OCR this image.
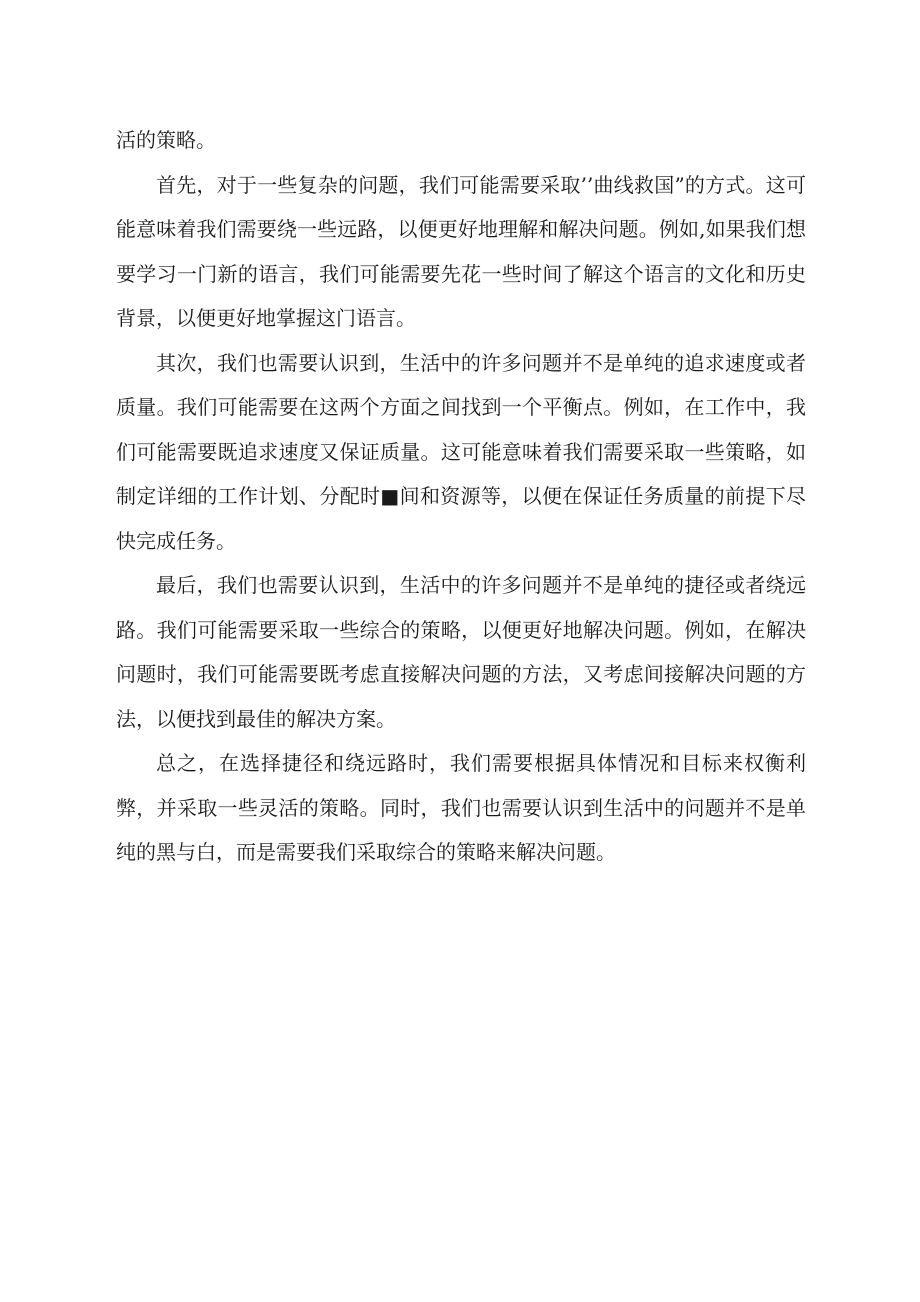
活的策略。

首先，对于一些复杂的问题，我们可能需要采取’’曲线救国”的方式。这可能意味着我们需要绕一些远路，以便更好地理解和解决问题。例如,如果我们想要学习一门新的语言，我们可能需要先花一些时间了解这个语言的文化和历史背景，以便更好地掌握这门语言。

其次，我们也需要认识到，生活中的许多问题并不是单纯的追求速度或者质量。我们可能需要在这两个方面之间找到一个平衡点。例如，在工作中，我们可能需要既追求速度又保证质量。这可能意味着我们需要采取一些策略，如制定详细的工作计划、分配时■间和资源等，以便在保证任务质量的前提下尽快完成任务。

最后，我们也需要认识到，生活中的许多问题并不是单纯的捷径或者绕远路。我们可能需要采取一些综合的策略，以便更好地解决问题。例如，在解决问题时，我们可能需要既考虑直接解决问题的方法，又考虑间接解决问题的方法，以便找到最佳的解决方案。

总之，在选择捷径和绕远路时，我们需要根据具体情况和目标来权衡利弊，并采取一些灵活的策略。同时，我们也需要认识到生活中的问题并不是单纯的黑与白，而是需要我们采取综合的策略来解决问题。
